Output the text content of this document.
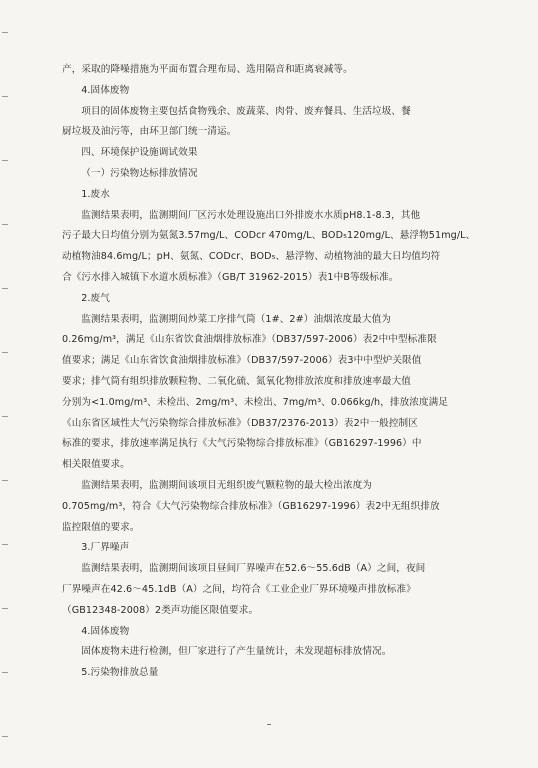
产，采取的降噪措施为平面布置合理布局、选用隔音和距离衰减等。

4.固体废物

项目的固体废物主要包括食物残余、废蔬菜、肉骨、废弃餐具、生活垃圾、餐

厨垃圾及油污等，由环卫部门统一清运。

四、环境保护设施调试效果

（一）污染物达标排放情况

1.废水

监测结果表明，监测期间厂区污水处理设施出口外排废水水质pH8.1-8.3，其他

污子最大日均值分别为氨氮3.57mg/L、CODcr 470mg/L、BOD₅120mg/L、悬浮物51mg/L、

动植物油84.6mg/L；pH、氨氮、CODcr、BOD₅、悬浮物、动植物油的最大日均值均符

合《污水排入城镇下水道水质标准》（GB/T 31962-2015）表1中B等级标准。

2.废气

监测结果表明，监测期间炒菜工序排气筒（1#、2#）油烟浓度最大值为

0.26mg/m³，满足《山东省饮食油烟排放标准》（DB37/597-2006）表2中中型标准限

值要求；满足《山东省饮食油烟排放标准》（DB37/597-2006）表3中中型炉关限值

要求；排气筒有组织排放颗粒物、二氧化硫、氮氧化物排放浓度和排放速率最大值

分别为<1.0mg/m³、未检出、2mg/m³、未检出、7mg/m³、0.066kg/h，排放浓度满足

《山东省区域性大气污染物综合排放标准》（DB37/2376-2013）表2中一般控制区

标准的要求，排放速率满足执行《大气污染物综合排放标准》（GB16297-1996）中

相关限值要求。

监测结果表明，监测期间该项目无组织废气颗粒物的最大检出浓度为

0.705mg/m³，符合《大气污染物综合排放标准》（GB16297-1996）表2中无组织排放

监控限值的要求。

3.厂界噪声

监测结果表明，监测期间该项目昼间厂界噪声在52.6～55.6dB（A）之间，夜间

厂界噪声在42.6～45.1dB（A）之间，均符合《工业企业厂界环境噪声排放标准》

（GB12348-2008）2类声功能区限值要求。

4.固体废物

固体废物未进行检测，但厂家进行了产生量统计，未发现超标排放情况。

5.污染物排放总量
